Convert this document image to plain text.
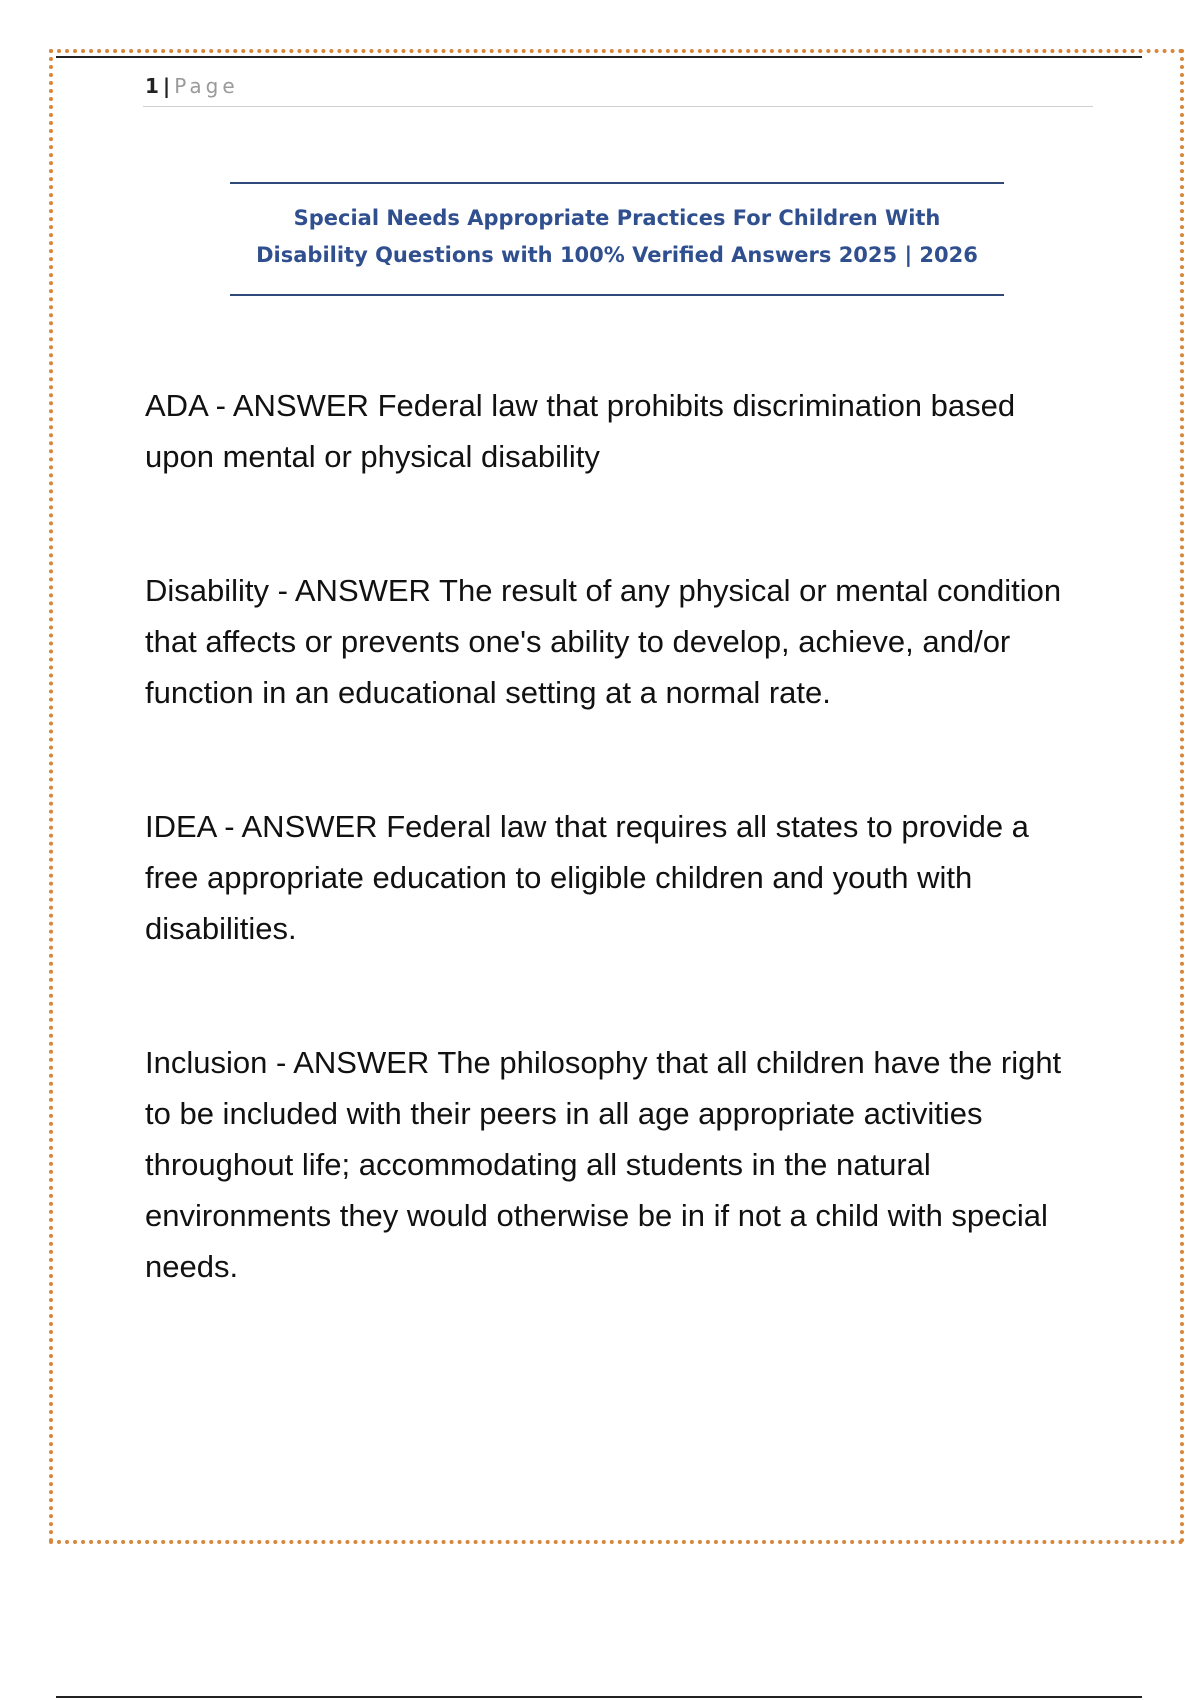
1 | Page

Special Needs Appropriate Practices For Children With
Disability Questions with 100% Verified Answers 2025 | 2026

ADA - ANSWER Federal law that prohibits discrimination based upon mental or physical disability

Disability - ANSWER The result of any physical or mental condition that affects or prevents one's ability to develop, achieve, and/or function in an educational setting at a normal rate.

IDEA - ANSWER Federal law that requires all states to provide a free appropriate education to eligible children and youth with disabilities.

Inclusion - ANSWER The philosophy that all children have the right to be included with their peers in all age appropriate activities throughout life; accommodating all students in the natural environments they would otherwise be in if not a child with special needs.
